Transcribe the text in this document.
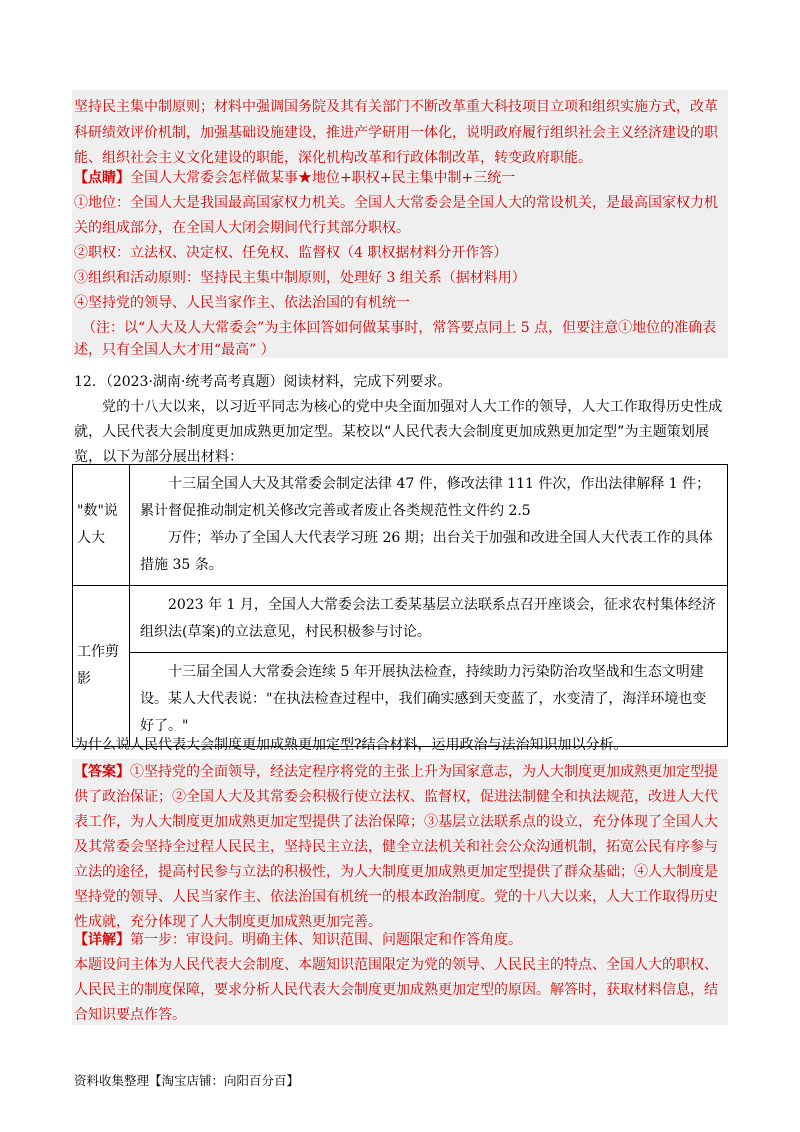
坚持民主集中制原则；材料中强调国务院及其有关部门不断改革重大科技项目立项和组织实施方式，改革
科研绩效评价机制，加强基础设施建设，推进产学研用一体化，说明政府履行组织社会主义经济建设的职
能、组织社会主义文化建设的职能，深化机构改革和行政体制改革，转变政府职能。
【点睛】全国人大常委会怎样做某事★地位+职权+民主集中制+三统一
①地位：全国人大是我国最高国家权力机关。全国人大常委会是全国人大的常设机关，是最高国家权力机
关的组成部分，在全国人大闭会期间代行其部分职权。
②职权：立法权、决定权、任免权、监督权（4 职权据材料分开作答）
③组织和活动原则：坚持民主集中制原则，处理好 3 组关系（据材料用）
④坚持党的领导、人民当家作主、依法治国的有机统一
（注：以“人大及人大常委会”为主体回答如何做某事时，常答要点同上 5 点，但要注意①地位的准确表
述，只有全国人大才用“最高” ）
12．（2023·湖南·统考高考真题）阅读材料，完成下列要求。
党的十八大以来，以习近平同志为核心的党中央全面加强对人大工作的领导，人大工作取得历史性成就，人民代表大会制度更加成熟更加定型。某校以“人民代表大会制度更加成熟更加定型”为主题策划展览，以下为部分展出材料：
"数"说人大	十三届全国人大及其常委会制定法律 47 件，修改法律 111 件次，作出法律解释 1 件；累计督促推动制定机关修改完善或者废止各类规范性文件约 2.5

万件；举办了全国人大代表学习班 26 期；出台关于加强和改进全国人大代表工作的具体措施 35 条。

工作剪影	2023 年 1 月，全国人大常委会法工委某基层立法联系点召开座谈会，征求农村集体经济组织法(草案)的立法意见，村民积极参与讨论。

	十三届全国人大常委会连续 5 年开展执法检查，持续助力污染防治攻坚战和生态文明建设。某人大代表说："在执法检查过程中，我们确实感到天变蓝了，水变清了，海洋环境也变好了。"

为什么说人民代表大会制度更加成熟更加定型?结合材料，运用政治与法治知识加以分析。
【答案】①坚持党的全面领导，经法定程序将党的主张上升为国家意志，为人大制度更加成熟更加定型提供了政治保证；②全国人大及其常委会积极行使立法权、监督权，促进法制健全和执法规范，改进人大代表工作，为人大制度更加成熟更加定型提供了法治保障；③基层立法联系点的设立，充分体现了全国人大及其常委会坚持全过程人民民主，坚持民主立法，健全立法机关和社会公众沟通机制，拓宽公民有序参与立法的途径，提高村民参与立法的积极性，为人大制度更加成熟更加定型提供了群众基础；④人大制度是坚持党的领导、人民当家作主、依法治国有机统一的根本政治制度。党的十八大以来，人大工作取得历史性成就，充分体现了人大制度更加成熟更加完善。
【详解】第一步：审设问。明确主体、知识范围、问题限定和作答角度。
本题设问主体为人民代表大会制度、本题知识范围限定为党的领导、人民民主的特点、全国人大的职权、人民民主的制度保障，要求分析人民代表大会制度更加成熟更加定型的原因。解答时，获取材料信息，结合知识要点作答。
资料收集整理【淘宝店铺：向阳百分百】
